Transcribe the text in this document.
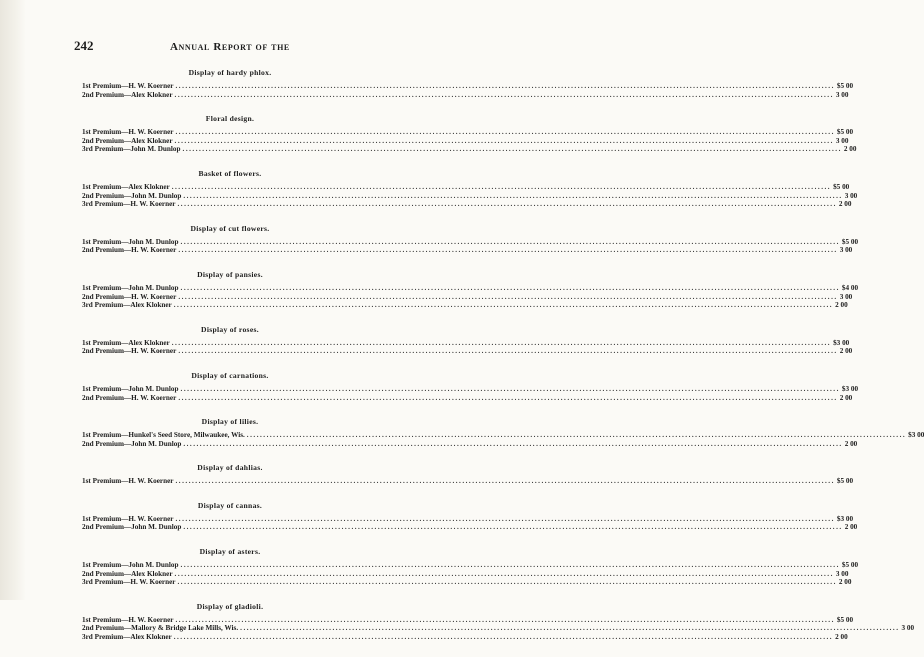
242	Annual Report of the
Display of hardy phlox.
1st Premium—H. W. Koerner ........................................................................................................................................................................................................ $5 00
2nd Premium—Alex Klokner ........................................................................................................................................................................................................ 3 00
Floral design.
1st Premium—H. W. Koerner ........................................................................................................................................................................................................ $5 00
2nd Premium—Alex Klokner ........................................................................................................................................................................................................ 3 00
3rd Premium—John M. Dunlop ........................................................................................................................................................................................................ 2 00
Basket of flowers.
1st Premium—Alex Klokner ........................................................................................................................................................................................................ $5 00
2nd Premium—John M. Dunlop ........................................................................................................................................................................................................ 3 00
3rd Premium—H. W. Koerner ........................................................................................................................................................................................................ 2 00
Display of cut flowers.
1st Premium—John M. Dunlop ........................................................................................................................................................................................................ $5 00
2nd Premium—H. W. Koerner ........................................................................................................................................................................................................ 3 00
Display of pansies.
1st Premium—John M. Dunlop ........................................................................................................................................................................................................ $4 00
2nd Premium—H. W. Koerner ........................................................................................................................................................................................................ 3 00
3rd Premium—Alex Klokner ........................................................................................................................................................................................................ 2 00
Display of roses.
1st Premium—Alex Klokner ........................................................................................................................................................................................................ $3 00
2nd Premium—H. W. Koerner ........................................................................................................................................................................................................ 2 00
Display of carnations.
1st Premium—John M. Dunlop ........................................................................................................................................................................................................ $3 00
2nd Premium—H. W. Koerner ........................................................................................................................................................................................................ 2 00
Display of lilies.
1st Premium—Hunkel's Seed Store, Milwaukee, Wis. ........................................................................................................................................................................................................ $3 00
2nd Premium—John M. Dunlop ........................................................................................................................................................................................................ 2 00
Display of dahlias.
1st Premium—H. W. Koerner ........................................................................................................................................................................................................ $5 00
Display of cannas.
1st Premium—H. W. Koerner ........................................................................................................................................................................................................ $3 00
2nd Premium—John M. Dunlop ........................................................................................................................................................................................................ 2 00
Display of asters.
1st Premium—John M. Dunlop ........................................................................................................................................................................................................ $5 00
2nd Premium—Alex Klokner ........................................................................................................................................................................................................ 3 00
3rd Premium—H. W. Koerner ........................................................................................................................................................................................................ 2 00
Display of gladioli.
1st Premium—H. W. Koerner ........................................................................................................................................................................................................ $5 00
2nd Premium—Mallory & Bridge Lake Mills, Wis. ........................................................................................................................................................................................................ 3 00
3rd Premium—Alex Klokner ........................................................................................................................................................................................................ 2 00
